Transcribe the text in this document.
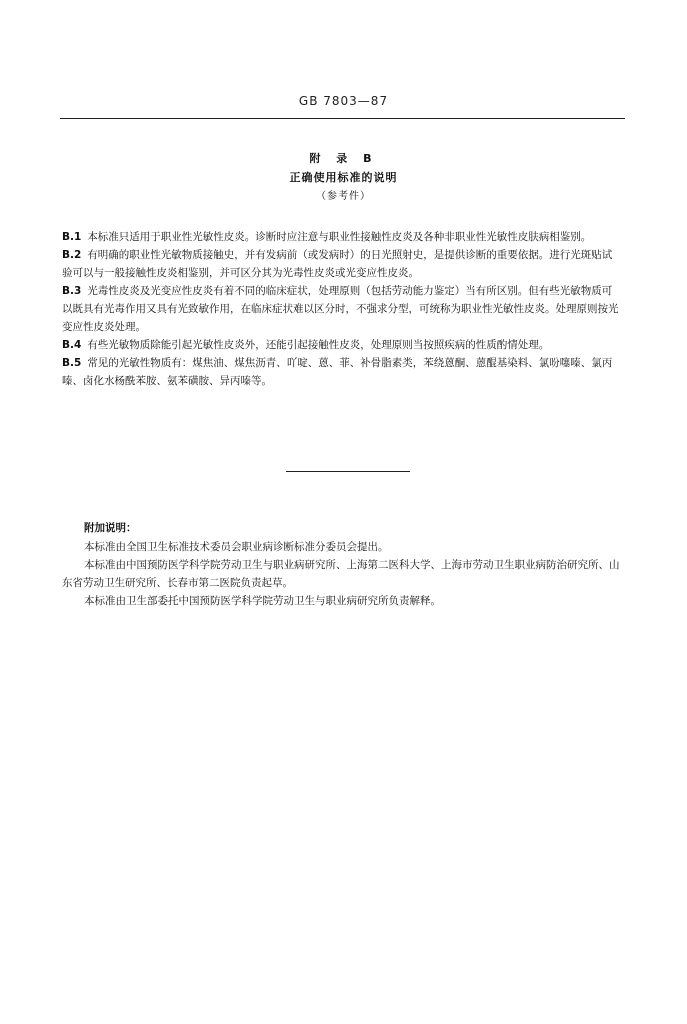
GB 7803—87
附 录 B
正确使用标准的说明
（参考件）

B.1 本标准只适用于职业性光敏性皮炎。诊断时应注意与职业性接触性皮炎及各种非职业性光敏性皮肤病相鉴别。

B.2 有明确的职业性光敏物质接触史，并有发病前（或发病时）的日光照射史，是提供诊断的重要依据。进行光斑贴试验可以与一般接触性皮炎相鉴别，并可区分其为光毒性皮炎或光变应性皮炎。

B.3 光毒性皮炎及光变应性皮炎有着不同的临床症状，处理原则（包括劳动能力鉴定）当有所区别。但有些光敏物质可以既具有光毒作用又具有光致敏作用，在临床症状难以区分时，不强求分型，可统称为职业性光敏性皮炎。处理原则按光变应性皮炎处理。

B.4 有些光敏物质除能引起光敏性皮炎外，还能引起接触性皮炎，处理原则当按照疾病的性质酌情处理。

B.5 常见的光敏性物质有：煤焦油、煤焦沥青、吖啶、蒽、菲、补骨脂素类，苯绕蒽酮、蒽醌基染料、氯吩噻嗪、氯丙嗪、卤化水杨酰苯胺、氨苯磺胺、异丙嗪等。

附加说明：

本标准由全国卫生标准技术委员会职业病诊断标准分委员会提出。

本标准由中国预防医学科学院劳动卫生与职业病研究所、上海第二医科大学、上海市劳动卫生职业病防治研究所、山东省劳动卫生研究所、长春市第二医院负责起草。

本标准由卫生部委托中国预防医学科学院劳动卫生与职业病研究所负责解释。
